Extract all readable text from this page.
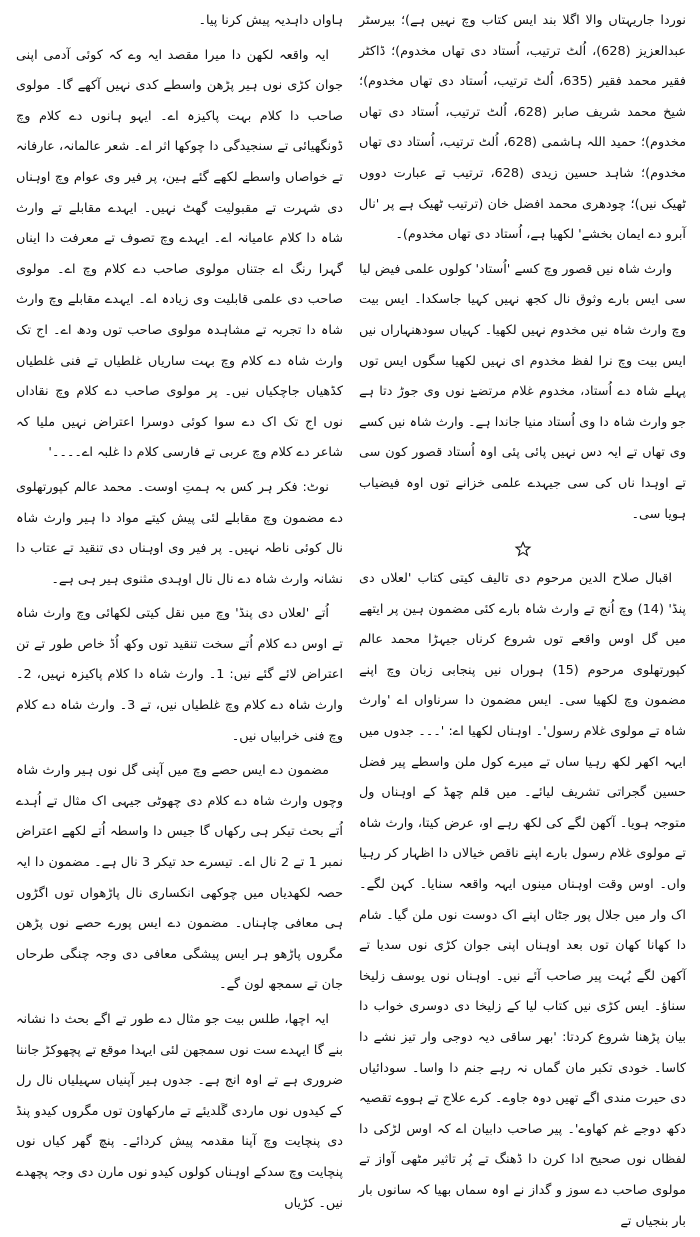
نوردا جاریہتاں والا اگلا بند ایس کتاب وچ نہیں ہے)؛ بیرسٹر عبدالعزیز (628)، اُلٹ ترتیب، اُستاد دی تھاں مخدوم)؛ ڈاکٹر فقیر محمد فقیر (635، اُلٹ ترتیب، اُستاد دی تھاں مخدوم)؛ شیخ محمد شریف صابر (628، اُلٹ ترتیب، اُستاد دی تھاں مخدوم)؛ حمید اللہ ہاشمی (628، اُلٹ ترتیب، اُستاد دی تھاں مخدوم)؛ شاہد حسین زیدی (628، ترتیب تے عبارت دووں ٹھیک نیں)؛ چودھری محمد افضل خان (ترتیب ٹھیک ہے پر 'نال آبرو دے ایمان بخشے' لکھیا ہے، اُستاد دی تھاں مخدوم)۔

وارث شاہ نیں قصور وچ کسے 'اُستاد' کولوں علمی فیض لیا سی ایس بارے وثوق نال کجھ نہیں کہیا جاسکدا۔ ایس بیت وچ وارث شاہ نیں مخدوم نہیں لکھیا۔ کہیاں سودھنہاراں نیں ایس بیت وچ نرا لفظ مخدوم ای نہیں لکھیا سگوں ایس توں پہلے شاہ دے اُستاد، مخدوم غلام مرتضےٰ نوں وی جوڑ دتا ہے جو وارث شاہ دا وی اُستاد منیا جاندا ہے۔ وارث شاہ نیں کسے وی تھاں تے ایہ دس نہیں پائی پئی اوہ اُستاد قصور کون سی تے اوہدا ناں کی سی جیہدے علمی خزانے توں اوہ فیضیاب ہویا سی۔

اقبال صلاح الدین مرحوم دی تالیف کیتی کتاب 'لعلاں دی پنڈ' (14) وچ اُنج تے وارث شاہ بارے کئی مضمون ہین پر ایتھے میں گل اوس واقعے توں شروع کرناں جیہڑا محمد عالم کپورتھلوی مرحوم (15) ہوراں نیں پنجابی زبان وچ اپنے مضمون وچ لکھیا سی۔ ایس مضمون دا سرناواں اے 'وارث شاہ تے مولوی غلام رسول'۔ اوہناں لکھیا اے: '۔۔۔ جدوں میں ایہہ اکھر لکھ رہیا ساں تے میرے کول ملن واسطے پیر فضل حسین گجراتی تشریف لیائے۔ میں قلم چھڈ کے اوہناں ول متوجہ ہویا۔ آکھن لگے کی لکھ رہے او، عرض کیتا، وارث شاہ تے مولوی غلام رسول بارے اپنے ناقص خیالاں دا اظہار کر رہیا واں۔ اوس وقت اوہناں مینوں ایہہ واقعہ سنایا۔ کہن لگے۔ اک وار میں جلال پور جٹاں اپنے اک دوست نوں ملن گیا۔ شام دا کھانا کھان توں بعد اوہناں اپنی جوان کڑی نوں سدیا تے آکھن لگے بُہت پیر صاحب آئے نیں۔ اوہناں نوں یوسف زلیخا سناؤ۔ ایس کڑی نیں کتاب لیا کے زلیخا دی دوسری خواب دا بیان پڑھنا شروع کردتا: 'بھر ساقی دیہ دوجی وار تیز نشے دا کاسا۔ خودی تکبر مان گماں نہ رہے جنم دا واسا۔ سودائیاں دی حیرت مندی اگے تھیں دوہ جاوے۔ کرے علاج تے ہووے تقصیہ دکھ دوجے غم کھاوے'۔ پیر صاحب دابیان اے کہ اوس لڑکی دا لفظاں نوں صحیح ادا کرن دا ڈھنگ تے پُر تاثیر مٹھی آواز تے مولوی صاحب دے سوز و گداز نے اوہ سماں بھیا کہ سانوں بار بار بنجیاں تے

ہاواں داہدیہ پیش کرنا پیا۔

ایہ واقعہ لکھن دا میرا مقصد ایہ وے کہ کوئی آدمی اپنی جوان کڑی نوں ہیر پڑھن واسطے کدی نہیں آکھے گا۔ مولوی صاحب دا کلام بہت پاکیزہ اے۔ ایہو ہانوں دے کلام وچ ڈونگھیائی تے سنجیدگی دا چوکھا اثر اے۔ شعر عالمانہ، عارفانہ تے خواصاں واسطے لکھے گئے ہین، پر فیر وی عوام وچ اوہناں دی شہرت تے مقبولیت گھٹ نہیں۔ ایہدے مقابلے تے وارث شاہ دا کلام عامیانہ اے۔ ایہدے وچ تصوف تے معرفت دا ایناں گہرا رنگ اے جتناں مولوی صاحب دے کلام وچ اے۔ مولوی صاحب دی علمی قابلیت وی زیادہ اے۔ ایہدے مقابلے وچ وارث شاہ دا تجربہ تے مشاہدہ مولوی صاحب توں ودھ اے۔ اج تک وارث شاہ دے کلام وچ بہت ساریاں غلطیاں تے فنی غلطیاں کڈھیاں جاچکیاں نیں۔ پر مولوی صاحب دے کلام وچ نقاداں نوں اج تک اک دے سوا کوئی دوسرا اعتراض نہیں ملیا کہ شاعر دے کلام وچ عربی تے فارسی کلام دا غلبہ اے۔۔۔۔'

نوٹ: فکر ہر کس بہ ہمتِ اوست۔ محمد عالم کپورتھلوی دے مضمون وچ مقابلے لئی پیش کیتے مواد دا ہیر وارث شاہ نال کوئی ناطہ نہیں۔ پر فیر وی اوہناں دی تنقید تے عتاب دا نشانہ وارث شاہ دے نال نال اوہدی مثنوی ہیر ہی ہے۔

اُتے 'لعلاں دی پنڈ' وچ میں نقل کیتی لکھائی وچ وارث شاہ تے اوس دے کلام اُتے سخت تنقید توں وکھ اُڈ خاص طور تے تن اعتراض لائے گئے نیں: 1۔ وارث شاہ دا کلام پاکیزہ نہیں، 2۔ وارث شاہ دے کلام وچ غلطیاں نیں، تے 3۔ وارث شاہ دے کلام وچ فنی خرابیاں نیں۔

مضمون دے ایس حصے وچ میں آپنی گل نوں ہیر وارث شاہ وچوں وارث شاہ دے کلام دی چھوٹی جیہی اک مثال تے اُہدے اُتے بحث تیکر ہی رکھاں گا جیس دا واسطہ اُتے لکھے اعتراض نمبر 1 تے 2 نال اے۔ تیسرے حد تیکر 3 نال ہے۔ مضمون دا ایہ حصہ لکھدیاں میں چوکھی انکساری نال پاڑھواں توں اگڑوں ہی معافی چاہناں۔ مضمون دے ایس پورے حصے نوں پڑھن مگروں پاڑھو ہر ایس پیشگی معافی دی وجہ چنگی طرحاں جان تے سمجھ لون گے۔

ایہ اچھا، طلس بیت جو مثال دے طور تے اگے بحث دا نشانہ بنے گا ایہدے ست نوں سمجھن لئی ایہدا موقع تے پچھوکڑ جاننا ضروری ہے تے اوہ انج ہے۔ جدوں ہیر آپنیاں سہیلیاں نال رل کے کیدوں نوں ماردی گَلدیئے تے مارکھاون توں مگروں کیدو پنڈ دی پنچایت وچ آپنا مقدمہ پیش کردائے۔ پنچ گھر کیاں نوں پنچایت وچ سدکے اوہناں کولوں کیدو نوں مارن دی وجہ پچھدے نیں۔ کڑیاں
